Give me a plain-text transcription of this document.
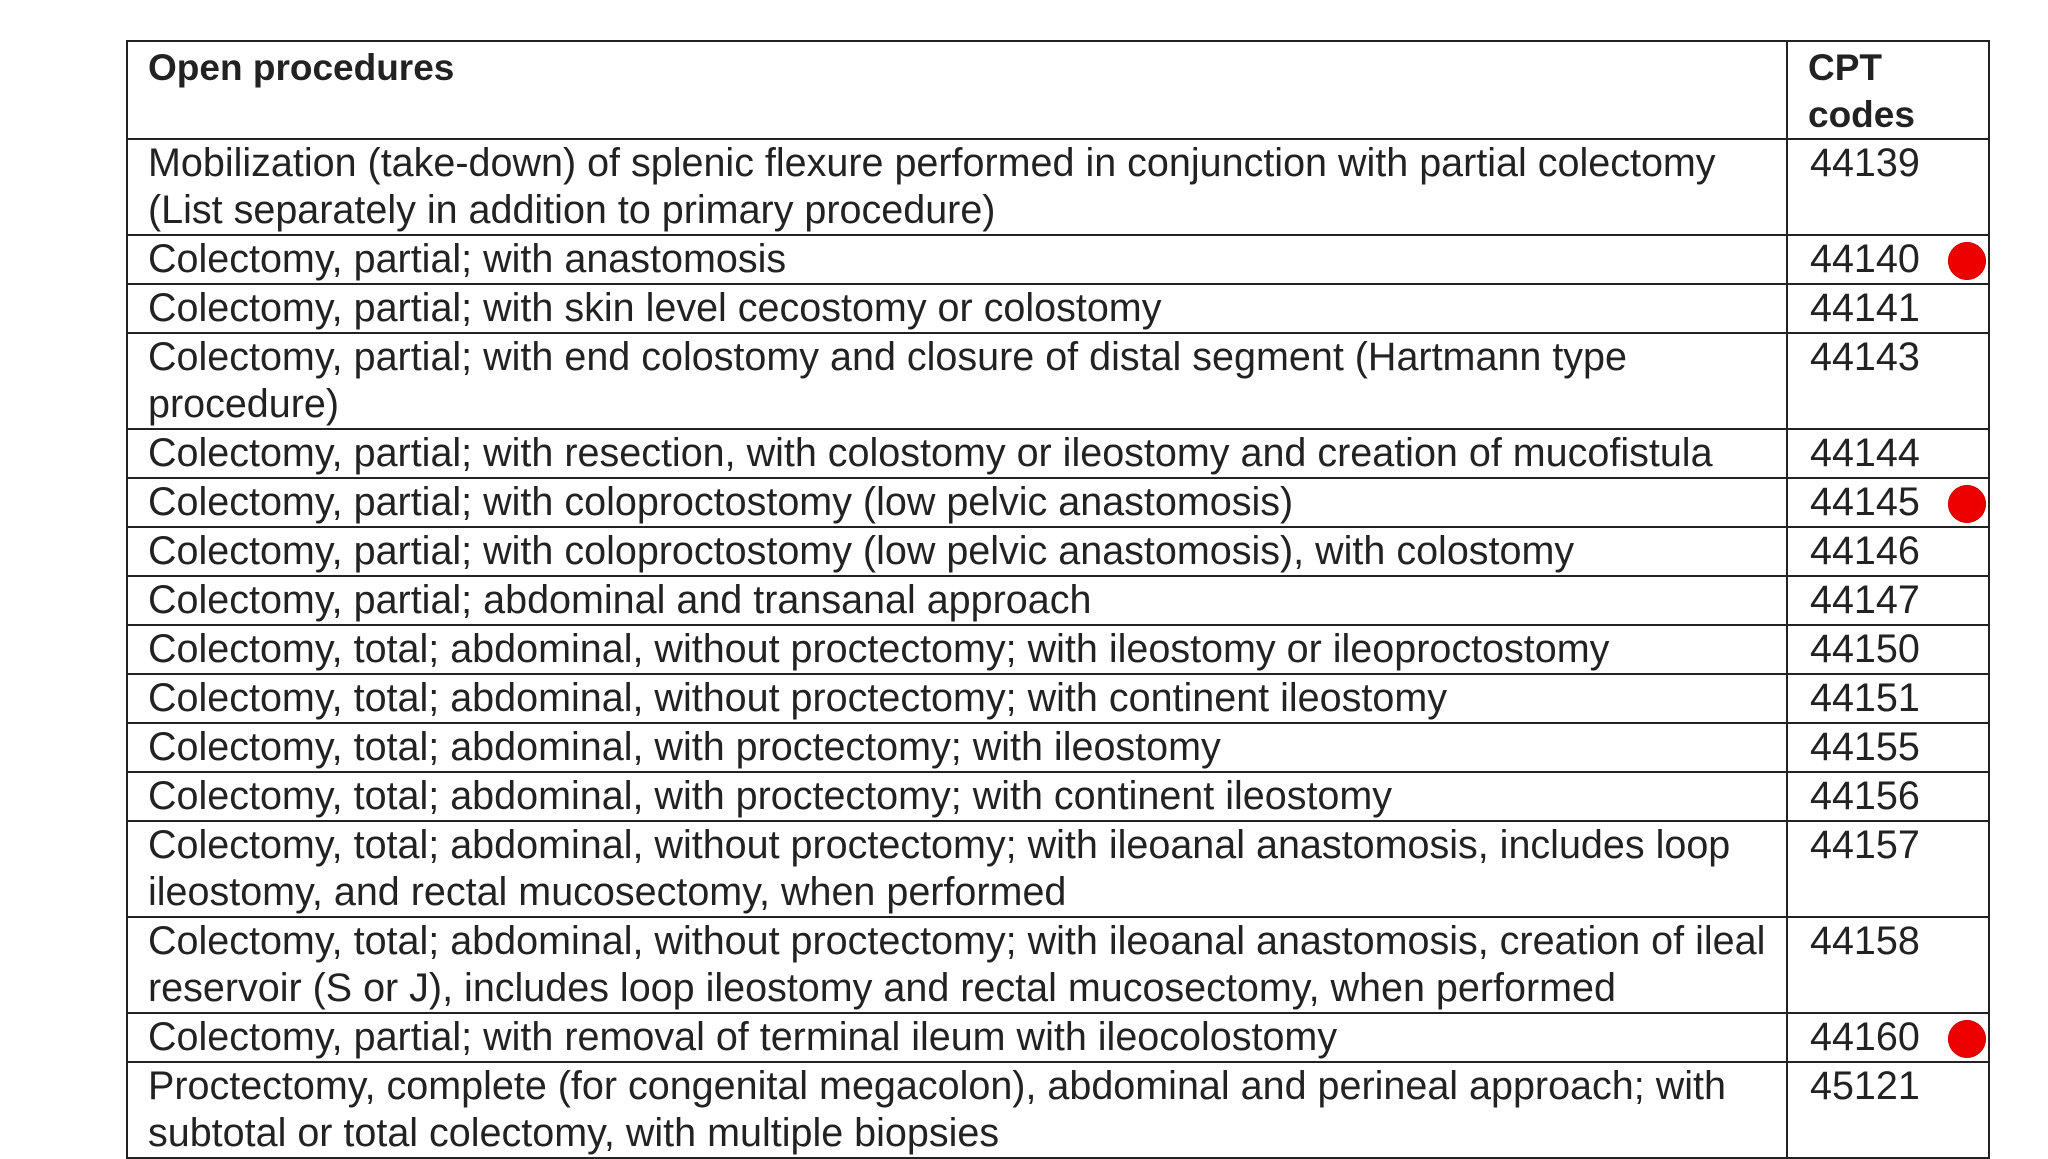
Open procedures	CPT codes

Mobilization (take-down) of splenic flexure performed in conjunction with partial colectomy (List separately in addition to primary procedure)	44139

Colectomy, partial; with anastomosis	44140

Colectomy, partial; with skin level cecostomy or colostomy	44141

Colectomy, partial; with end colostomy and closure of distal segment (Hartmann type procedure)	44143

Colectomy, partial; with resection, with colostomy or ileostomy and creation of mucofistula	44144

Colectomy, partial; with coloproctostomy (low pelvic anastomosis)	44145

Colectomy, partial; with coloproctostomy (low pelvic anastomosis), with colostomy	44146

Colectomy, partial; abdominal and transanal approach	44147

Colectomy, total; abdominal, without proctectomy; with ileostomy or ileoproctostomy	44150

Colectomy, total; abdominal, without proctectomy; with continent ileostomy	44151

Colectomy, total; abdominal, with proctectomy; with ileostomy	44155

Colectomy, total; abdominal, with proctectomy; with continent ileostomy	44156

Colectomy, total; abdominal, without proctectomy; with ileoanal anastomosis, includes loop ileostomy, and rectal mucosectomy, when performed	44157

Colectomy, total; abdominal, without proctectomy; with ileoanal anastomosis, creation of ileal reservoir (S or J), includes loop ileostomy and rectal mucosectomy, when performed	44158

Colectomy, partial; with removal of terminal ileum with ileocolostomy	44160

Proctectomy, complete (for congenital megacolon), abdominal and perineal approach; with subtotal or total colectomy, with multiple biopsies	45121
